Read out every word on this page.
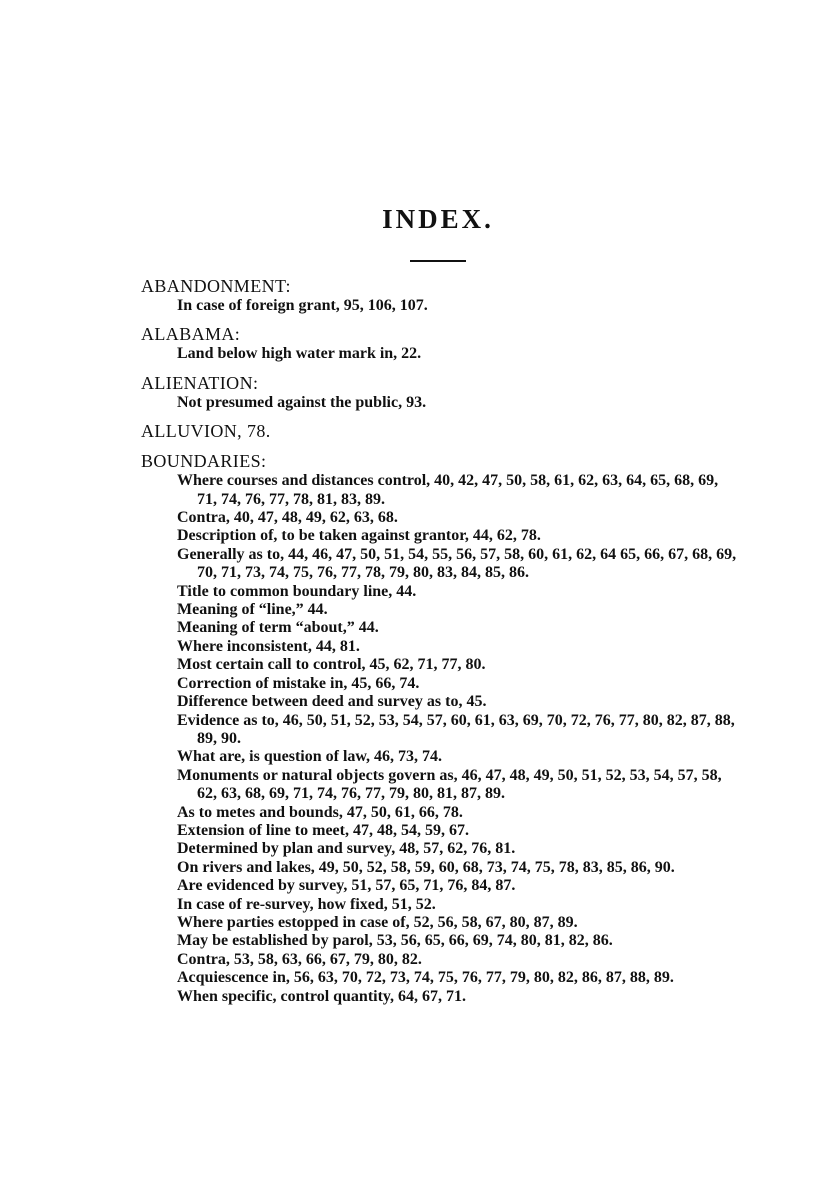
INDEX.
ABANDONMENT:
In case of foreign grant, 95, 106, 107.
ALABAMA:
Land below high water mark in, 22.
ALIENATION:
Not presumed against the public, 93.
ALLUVION, 78.
BOUNDARIES:
Where courses and distances control, 40, 42, 47, 50, 58, 61, 62, 63, 64, 65, 68, 69, 71, 74, 76, 77, 78, 81, 83, 89.
Contra, 40, 47, 48, 49, 62, 63, 68.
Description of, to be taken against grantor, 44, 62, 78.
Generally as to, 44, 46, 47, 50, 51, 54, 55, 56, 57, 58, 60, 61, 62, 64 65, 66, 67, 68, 69, 70, 71, 73, 74, 75, 76, 77, 78, 79, 80, 83, 84, 85, 86.
Title to common boundary line, 44.
Meaning of “line,” 44.
Meaning of term “about,” 44.
Where inconsistent, 44, 81.
Most certain call to control, 45, 62, 71, 77, 80.
Correction of mistake in, 45, 66, 74.
Difference between deed and survey as to, 45.
Evidence as to, 46, 50, 51, 52, 53, 54, 57, 60, 61, 63, 69, 70, 72, 76, 77, 80, 82, 87, 88, 89, 90.
What are, is question of law, 46, 73, 74.
Monuments or natural objects govern as, 46, 47, 48, 49, 50, 51, 52, 53, 54, 57, 58, 62, 63, 68, 69, 71, 74, 76, 77, 79, 80, 81, 87, 89.
As to metes and bounds, 47, 50, 61, 66, 78.
Extension of line to meet, 47, 48, 54, 59, 67.
Determined by plan and survey, 48, 57, 62, 76, 81.
On rivers and lakes, 49, 50, 52, 58, 59, 60, 68, 73, 74, 75, 78, 83, 85, 86, 90.
Are evidenced by survey, 51, 57, 65, 71, 76, 84, 87.
In case of re-survey, how fixed, 51, 52.
Where parties estopped in case of, 52, 56, 58, 67, 80, 87, 89.
May be established by parol, 53, 56, 65, 66, 69, 74, 80, 81, 82, 86.
Contra, 53, 58, 63, 66, 67, 79, 80, 82.
Acquiescence in, 56, 63, 70, 72, 73, 74, 75, 76, 77, 79, 80, 82, 86, 87, 88, 89.
When specific, control quantity, 64, 67, 71.
